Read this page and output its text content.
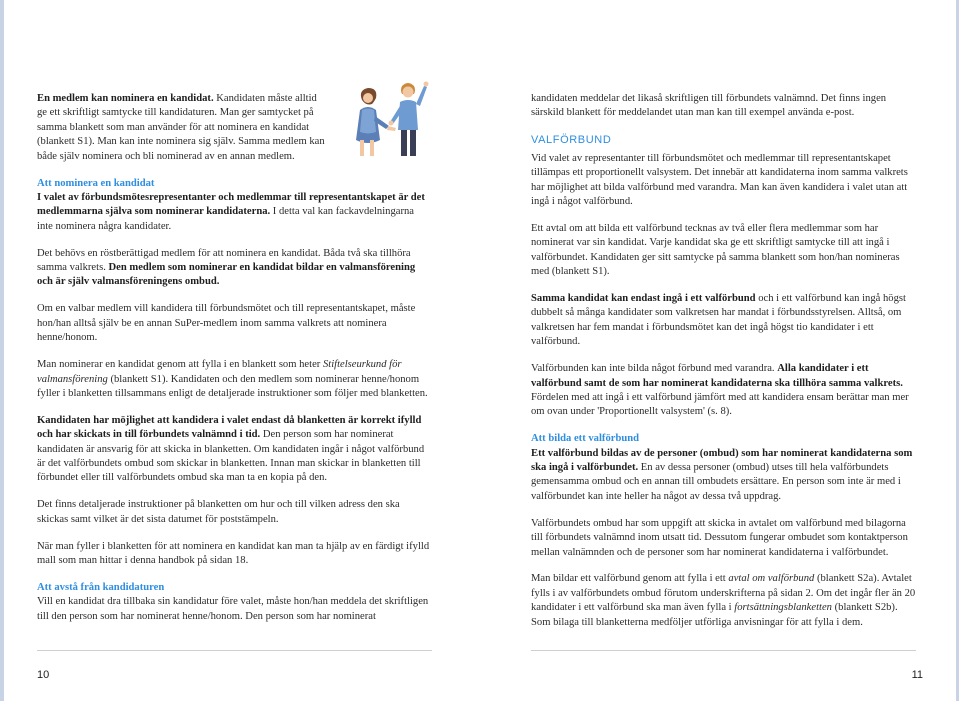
En medlem kan nominera en kandidat. Kandidaten måste alltid ge ett skriftligt samtycke till kandidaturen. Man ger samtycket på samma blankett som man använder för att nominera en kandidat (blankett S1). Man kan inte nominera sig själv. Samma medlem kan både själv nominera och bli nominerad av en annan medlem.

Att nominera en kandidat
I valet av förbundsmötesrepresentanter och medlemmar till representantskapet är det medlemmarna själva som nominerar kandidaterna. I detta val kan fackavdelningarna inte nominera några kandidater.

Det behövs en röstberättigad medlem för att nominera en kandidat. Båda två ska tillhöra samma valkrets. Den medlem som nominerar en kandidat bildar en valmansförening och är själv valmansföreningens ombud.

Om en valbar medlem vill kandidera till förbundsmötet och till representantskapet, måste hon/han alltså själv be en annan SuPer-medlem inom samma valkrets att nominera henne/honom.

Man nominerar en kandidat genom att fylla i en blankett som heter Stiftelseurkund för valmansförening (blankett S1). Kandidaten och den medlem som nominerar henne/honom fyller i blanketten tillsammans enligt de detaljerade instruktioner som följer med blanketten.

Kandidaten har möjlighet att kandidera i valet endast då blanketten är korrekt ifylld och har skickats in till förbundets valnämnd i tid. Den person som har nominerat kandidaten är ansvarig för att skicka in blanketten. Om kandidaten ingår i något valförbund är det valförbundets ombud som skickar in blanketten. Innan man skickar in blanketten till förbundet eller till valförbundets ombud ska man ta en kopia på den.

Det finns detaljerade instruktioner på blanketten om hur och till vilken adress den ska skickas samt vilket är det sista datumet för poststämpeln.

När man fyller i blanketten för att nominera en kandidat kan man ta hjälp av en färdigt ifylld mall som man hittar i denna handbok på sidan 18.

Att avstå från kandidaturen
Vill en kandidat dra tillbaka sin kandidatur före valet, måste hon/han meddela det skriftligen till den person som har nominerat henne/honom. Den person som har nominerat

kandidaten meddelar det likaså skriftligen till förbundets valnämnd. Det finns ingen särskild blankett för meddelandet utan man kan till exempel använda e-post.

VALFÖRBUND
Vid valet av representanter till förbundsmötet och medlemmar till representantskapet tillämpas ett proportionellt valsystem. Det innebär att kandidaterna inom samma valkrets har möjlighet att bilda valförbund med varandra. Man kan även kandidera i valet utan att ingå i något valförbund.

Ett avtal om att bilda ett valförbund tecknas av två eller flera medlemmar som har nominerat var sin kandidat. Varje kandidat ska ge ett skriftligt samtycke till att ingå i valförbundet. Kandidaten ger sitt samtycke på samma blankett som hon/han nomineras med (blankett S1).

Samma kandidat kan endast ingå i ett valförbund och i ett valförbund kan ingå högst dubbelt så många kandidater som valkretsen har mandat i förbundsstyrelsen. Alltså, om valkretsen har fem mandat i förbundsmötet kan det ingå högst tio kandidater i ett valförbund.

Valförbunden kan inte bilda något förbund med varandra. Alla kandidater i ett valförbund samt de som har nominerat kandidaterna ska tillhöra samma valkrets. Fördelen med att ingå i ett valförbund jämfört med att kandidera ensam berättar man mer om ovan under 'Proportionellt valsystem' (s. 8).

Att bilda ett valförbund
Ett valförbund bildas av de personer (ombud) som har nominerat kandidaterna som ska ingå i valförbundet. En av dessa personer (ombud) utses till hela valförbundets gemensamma ombud och en annan till ombudets ersättare. En person som inte är med i valförbundet kan inte heller ha något av dessa två uppdrag.

Valförbundets ombud har som uppgift att skicka in avtalet om valförbund med bilagorna till förbundets valnämnd inom utsatt tid. Dessutom fungerar ombudet som kontaktperson mellan valnämnden och de personer som har nominerat kandidaterna i valförbundet.

Man bildar ett valförbund genom att fylla i ett avtal om valförbund (blankett S2a). Avtalet fylls i av valförbundets ombud förutom underskrifterna på sidan 2. Om det ingår fler än 20 kandidater i ett valförbund ska man även fylla i fortsättningsblanketten (blankett S2b). Som bilaga till blanketterna medföljer utförliga anvisningar för att fylla i dem.

10	11
